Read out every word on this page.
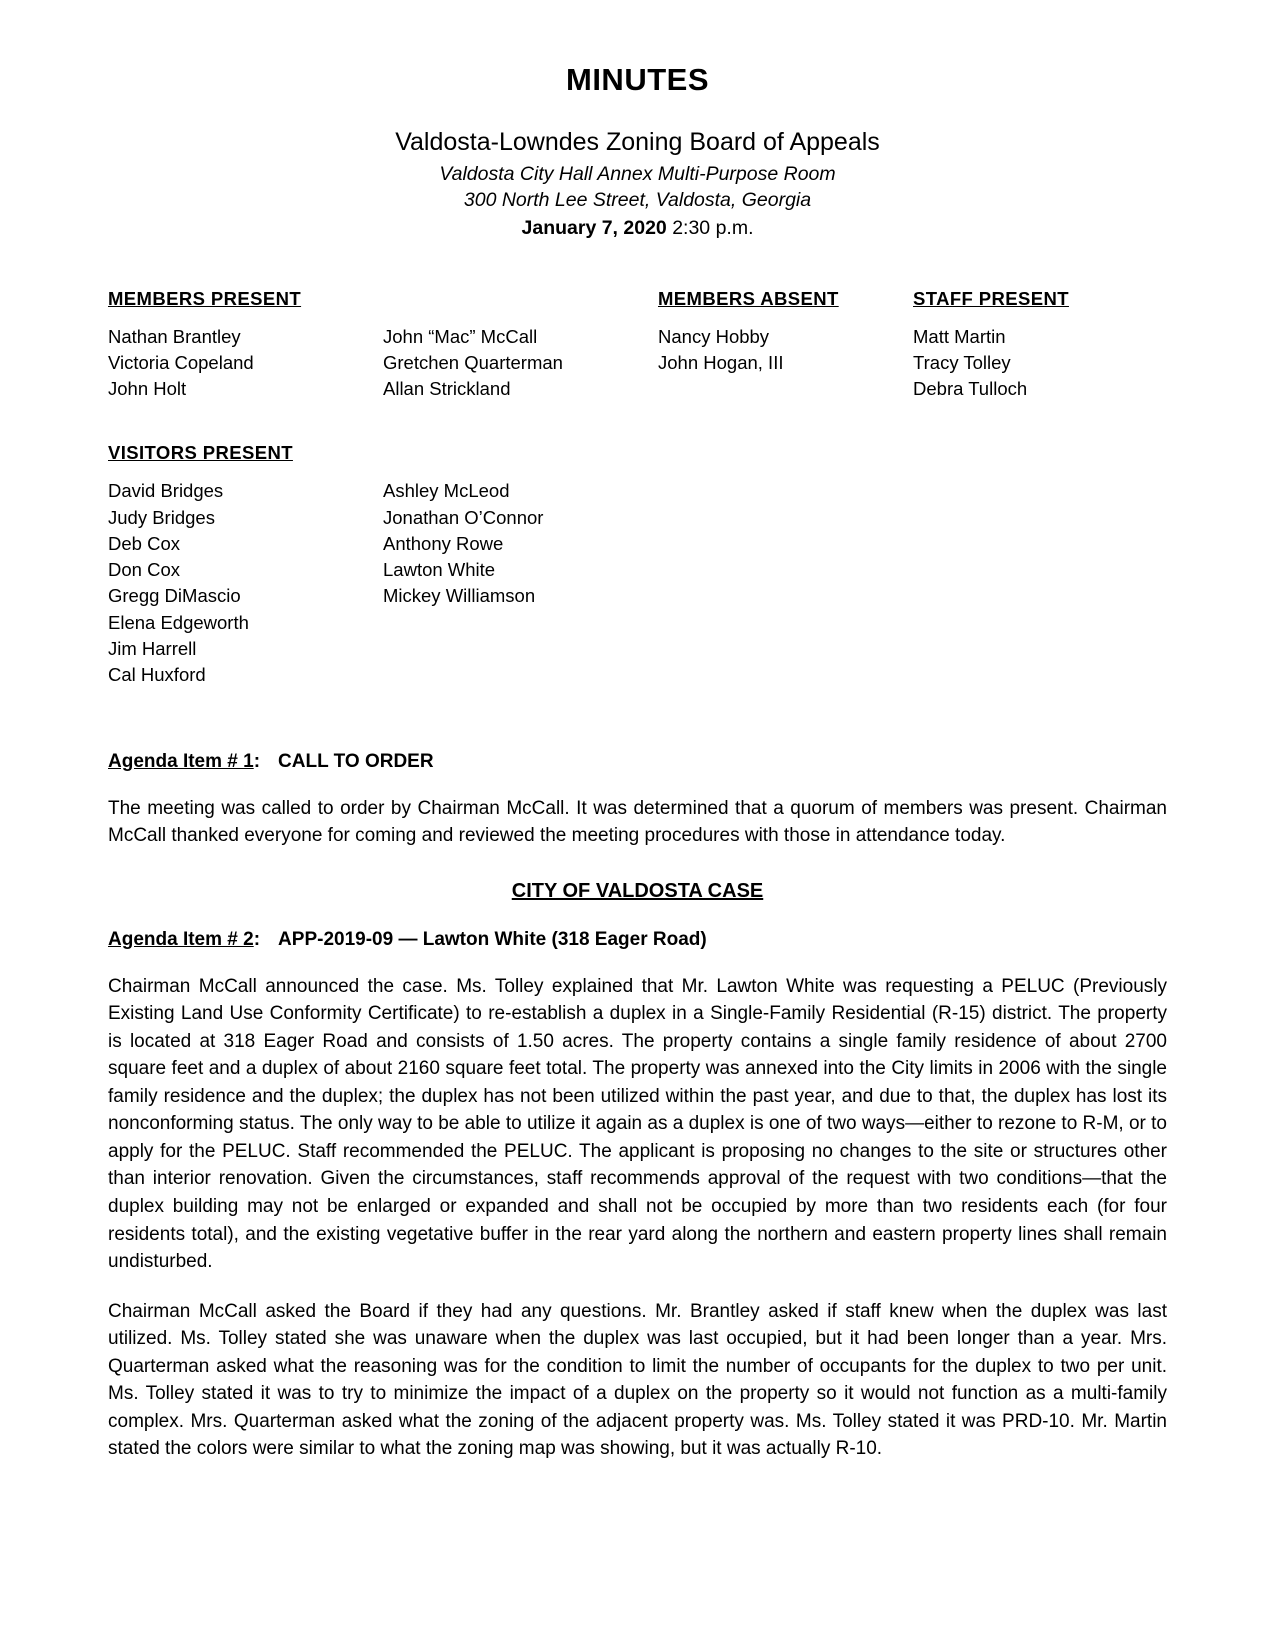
MINUTES
Valdosta-Lowndes Zoning Board of Appeals
Valdosta City Hall Annex Multi-Purpose Room
300 North Lee Street, Valdosta, Georgia
January 7, 2020 2:30 p.m.
MEMBERS PRESENT
Nathan Brantley
Victoria Copeland
John Holt
John “Mac” McCall
Gretchen Quarterman
Allan Strickland
MEMBERS ABSENT
Nancy Hobby
John Hogan, III
STAFF PRESENT
Matt Martin
Tracy Tolley
Debra Tulloch
VISITORS PRESENT
David Bridges
Judy Bridges
Deb Cox
Don Cox
Gregg DiMascio
Elena Edgeworth
Jim Harrell
Cal Huxford
Ashley McLeod
Jonathan O’Connor
Anthony Rowe
Lawton White
Mickey Williamson
Agenda Item # 1: CALL TO ORDER

The meeting was called to order by Chairman McCall. It was determined that a quorum of members was present. Chairman McCall thanked everyone for coming and reviewed the meeting procedures with those in attendance today.

CITY OF VALDOSTA CASE
Agenda Item # 2: APP-2019-09 — Lawton White (318 Eager Road)

Chairman McCall announced the case. Ms. Tolley explained that Mr. Lawton White was requesting a PELUC (Previously Existing Land Use Conformity Certificate) to re-establish a duplex in a Single-Family Residential (R-15) district. The property is located at 318 Eager Road and consists of 1.50 acres. The property contains a single family residence of about 2700 square feet and a duplex of about 2160 square feet total. The property was annexed into the City limits in 2006 with the single family residence and the duplex; the duplex has not been utilized within the past year, and due to that, the duplex has lost its nonconforming status. The only way to be able to utilize it again as a duplex is one of two ways—either to rezone to R-M, or to apply for the PELUC. Staff recommended the PELUC. The applicant is proposing no changes to the site or structures other than interior renovation. Given the circumstances, staff recommends approval of the request with two conditions—that the duplex building may not be enlarged or expanded and shall not be occupied by more than two residents each (for four residents total), and the existing vegetative buffer in the rear yard along the northern and eastern property lines shall remain undisturbed.

Chairman McCall asked the Board if they had any questions. Mr. Brantley asked if staff knew when the duplex was last utilized. Ms. Tolley stated she was unaware when the duplex was last occupied, but it had been longer than a year. Mrs. Quarterman asked what the reasoning was for the condition to limit the number of occupants for the duplex to two per unit. Ms. Tolley stated it was to try to minimize the impact of a duplex on the property so it would not function as a multi-family complex. Mrs. Quarterman asked what the zoning of the adjacent property was. Ms. Tolley stated it was PRD-10. Mr. Martin stated the colors were similar to what the zoning map was showing, but it was actually R-10.
